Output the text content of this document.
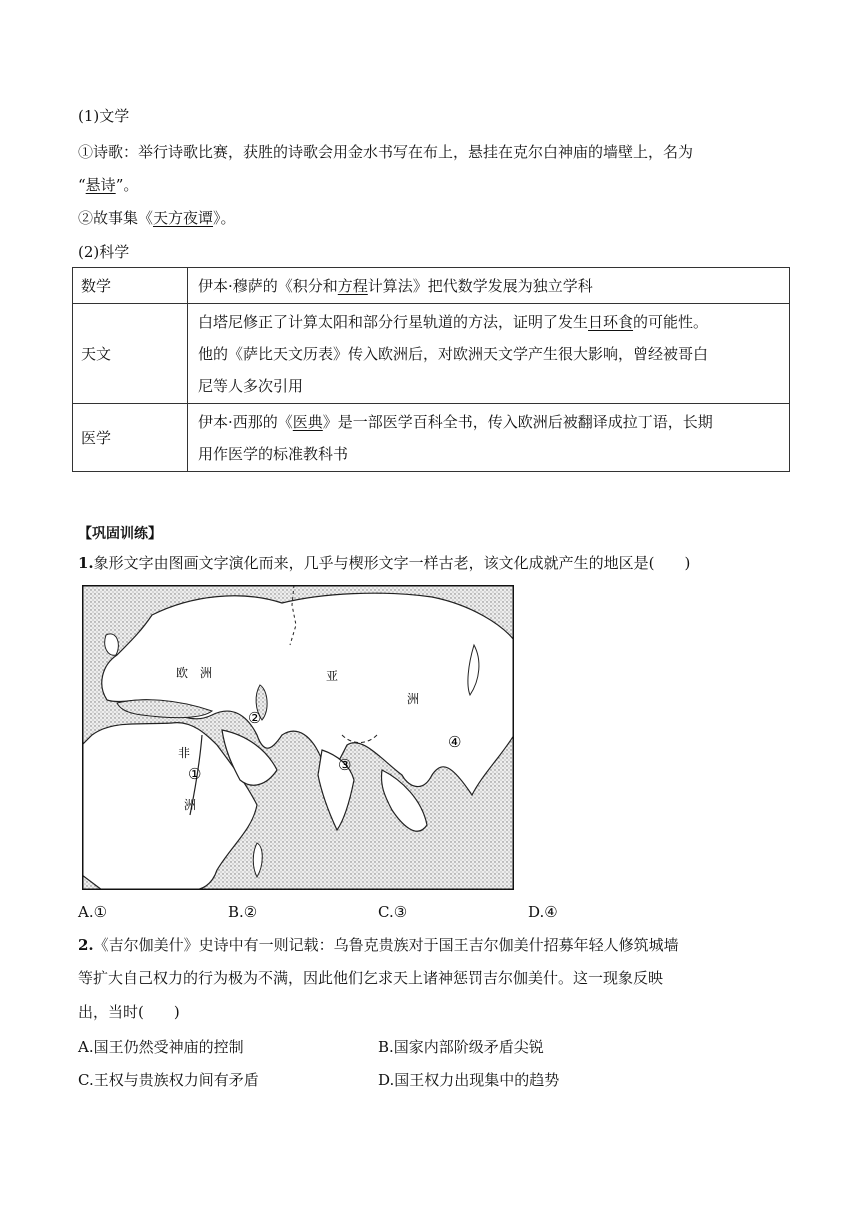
(1)文学
①诗歌：举行诗歌比赛，获胜的诗歌会用金水书写在布上，悬挂在克尔白神庙的墙壁上，名为
“悬诗”。
②故事集《天方夜谭》。
(2)科学
数学	伊本·穆萨的《积分和方程计算法》把代数学发展为独立学科
天文	白塔尼修正了计算太阳和部分行星轨道的方法，证明了发生日环食的可能性。
他的《萨比天文历表》传入欧洲后，对欧洲天文学产生很大影响，曾经被哥白
尼等人多次引用

医学	伊本·西那的《医典》是一部医学百科全书，传入欧洲后被翻译成拉丁语，长期
用作医学的标准教科书
【巩固训练】
1.象形文字由图画文字演化而来，几乎与楔形文字一样古老，该文化成就产生的地区是(　　)
欧 洲	亚
洲
非
洲
①
②
③
④
A.①	B.②	C.③	D.④
2.《吉尔伽美什》史诗中有一则记载：乌鲁克贵族对于国王吉尔伽美什招募年轻人修筑城墙
等扩大自己权力的行为极为不满，因此他们乞求天上诸神惩罚吉尔伽美什。这一现象反映
出，当时(　　)
A.国王仍然受神庙的控制	B.国家内部阶级矛盾尖锐
C.王权与贵族权力间有矛盾	D.国王权力出现集中的趋势
